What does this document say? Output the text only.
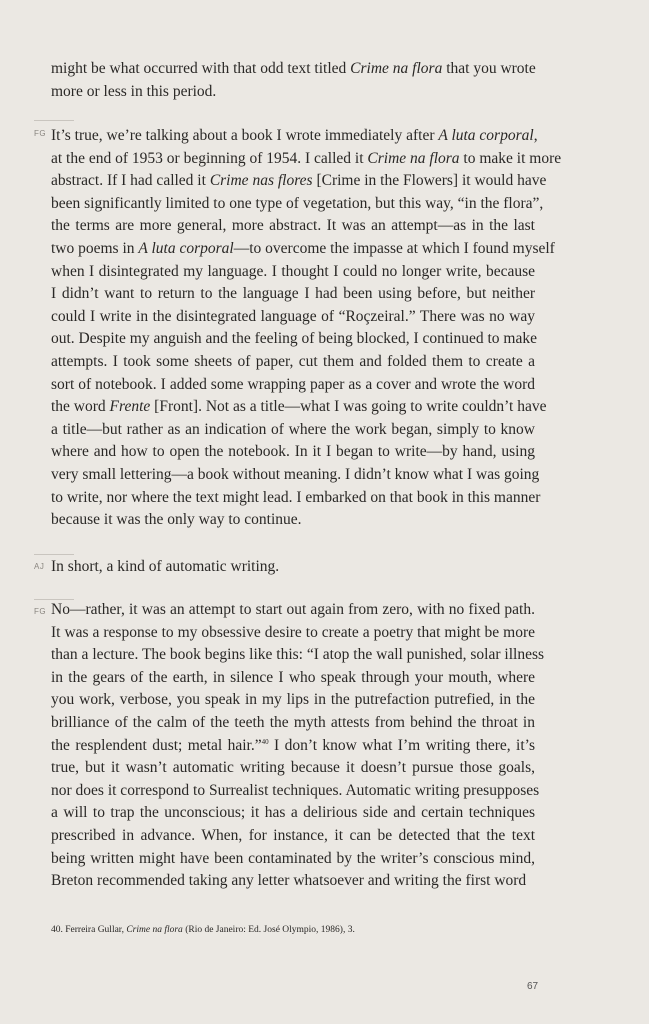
might be what occurred with that odd text titled Crime na flora that you wrote
more or less in this period.
FG It’s true, we’re talking about a book I wrote immediately after A luta corporal,
at the end of 1953 or beginning of 1954. I called it Crime na flora to make it more
abstract. If I had called it Crime nas flores [Crime in the Flowers] it would have
been significantly limited to one type of vegetation, but this way, “in the flora”,
the terms are more general, more abstract. It was an attempt—as in the last
two poems in A luta corporal—to overcome the impasse at which I found myself
when I disintegrated my language. I thought I could no longer write, because
I didn’t want to return to the language I had been using before, but neither
could I write in the disintegrated language of “Roçzeiral.” There was no way
out. Despite my anguish and the feeling of being blocked, I continued to make
attempts. I took some sheets of paper, cut them and folded them to create a
sort of notebook. I added some wrapping paper as a cover and wrote the word
the word Frente [Front]. Not as a title—what I was going to write couldn’t have
a title—but rather as an indication of where the work began, simply to know
where and how to open the notebook. In it I began to write—by hand, using
very small lettering—a book without meaning. I didn’t know what I was going
to write, nor where the text might lead. I embarked on that book in this manner
because it was the only way to continue.
AJ In short, a kind of automatic writing.
FG No—rather, it was an attempt to start out again from zero, with no fixed path.
It was a response to my obsessive desire to create a poetry that might be more
than a lecture. The book begins like this: “I atop the wall punished, solar illness
in the gears of the earth, in silence I who speak through your mouth, where
you work, verbose, you speak in my lips in the putrefaction putrefied, in the
brilliance of the calm of the teeth the myth attests from behind the throat in
the resplendent dust; metal hair.”$^{40}$ I don’t know what I’m writing there, it’s
true, but it wasn’t automatic writing because it doesn’t pursue those goals,
nor does it correspond to Surrealist techniques. Automatic writing presupposes
a will to trap the unconscious; it has a delirious side and certain techniques
prescribed in advance. When, for instance, it can be detected that the text
being written might have been contaminated by the writer’s conscious mind,
Breton recommended taking any letter whatsoever and writing the first word
40. Ferreira Gullar, Crime na flora (Rio de Janeiro: Ed. José Olympio, 1986), 3.
67
